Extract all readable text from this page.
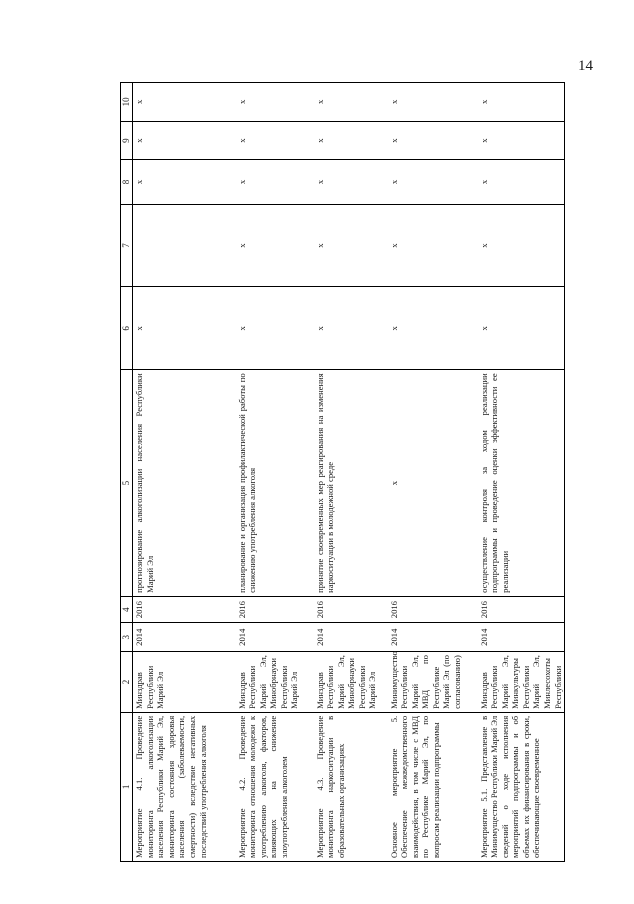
14
1	2	3	4	5	6	7	8	9	10
Мероприятие 4.1. Проведение мониторинга алкоголизации населения Республики Марий Эл, мониторинга состояния здоровья населения (заболеваемости, смертности) вследствие негативных последствий употребления алкоголя	Минздрав Республики Марий Эл	2014	2016	прогнозирование алкоголизации населения Республики Марий Эл	x		x	x	x
Мероприятие 4.2. Проведение мониторинга отношения молодежи к употреблению алкоголя, факторов, влияющих на снижение злоупотребления алкоголем	Минздрав Республики Марий Эл, Минобрнауки Республики Марий Эл	2014	2016	планирование и организация профилактической работы по снижению употребления алкоголя	x	x	x	x	x
Мероприятие 4.3. Проведение мониторинга наркоситуации в образовательных организациях	Минздрав Республики Марий Эл, Минобрнауки Республики Марий Эл	2014	2016	принятие своевременных мер реагирования на изменения наркоситуации в молодежной среде	x	x	x	x	x
Основное мероприятие 5. Обеспечение межведомственного взаимодействия, в том числе с МВД по Республике Марий Эл, по вопросам реализации подпрограммы	Минимущество Республики Марий Эл, МВД по Республике Марий Эл (по согласованию)	2014	2016	x	x	x	x	x	x
Мероприятие 5.1. Представление в Минимущество Республики Марий Эл сведений о ходе исполнения мероприятий подпрограммы и об объемах их финансирования в сроки, обеспечивающие своевременное	Минздрав Республики Марий Эл, Минкультуры Республики Марий Эл, Минлесохоты Республики	2014	2016	осуществление контроля за ходом реализации подпрограммы и проведение оценки эффективности ее реализации	x	x	x	x	x
